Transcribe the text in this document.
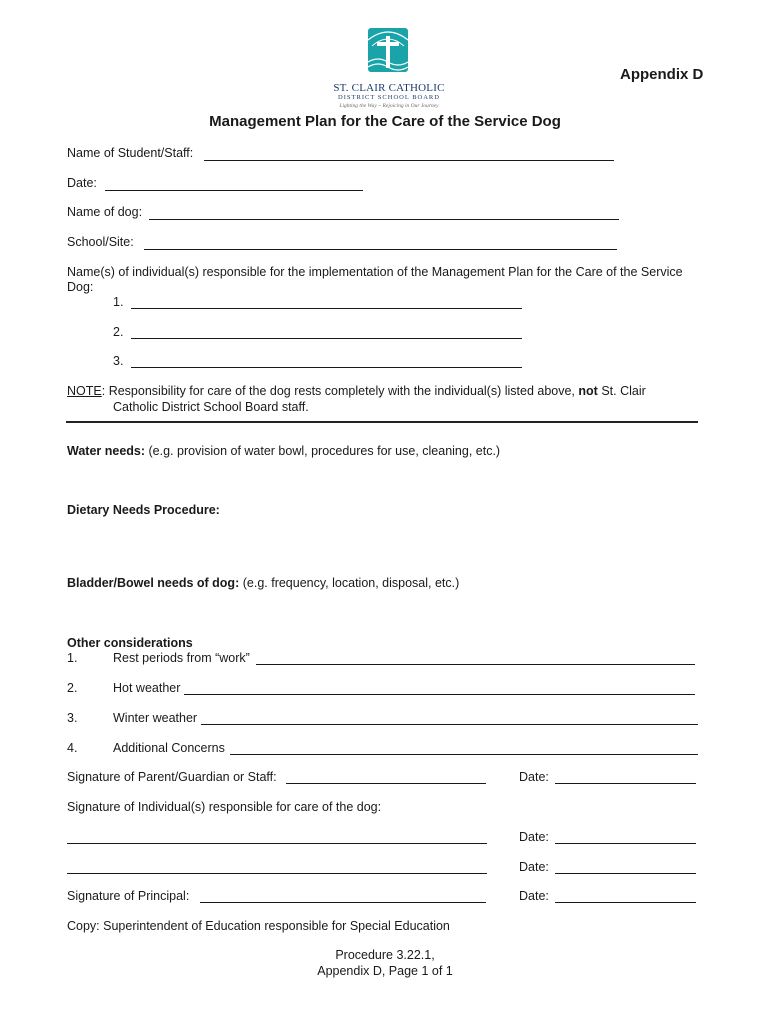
ST. CLAIR CATHOLIC
DISTRICT SCHOOL BOARD
Lighting the Way ~ Rejoicing in Our Journey
Appendix D
Management Plan for the Care of the Service Dog
Name of Student/Staff:
Date:
Name of dog:
School/Site:
Name(s) of individual(s) responsible for the implementation of the Management Plan for the Care of the Service
Dog:
1.
2.
3.
NOTE: Responsibility for care of the dog rests completely with the individual(s) listed above, not St. Clair
Catholic District School Board staff.
Water needs: (e.g. provision of water bowl, procedures for use, cleaning, etc.)
Dietary Needs Procedure:
Bladder/Bowel needs of dog: (e.g. frequency, location, disposal, etc.)
Other considerations
1.	Rest periods from “work”
2.	Hot weather
3.	Winter weather
4.	Additional Concerns
Signature of Parent/Guardian or Staff:	Date:
Signature of Individual(s) responsible for care of the dog:
Date:
Date:
Signature of Principal:	Date:
Copy: Superintendent of Education responsible for Special Education
Procedure 3.22.1,
Appendix D, Page 1 of 1
